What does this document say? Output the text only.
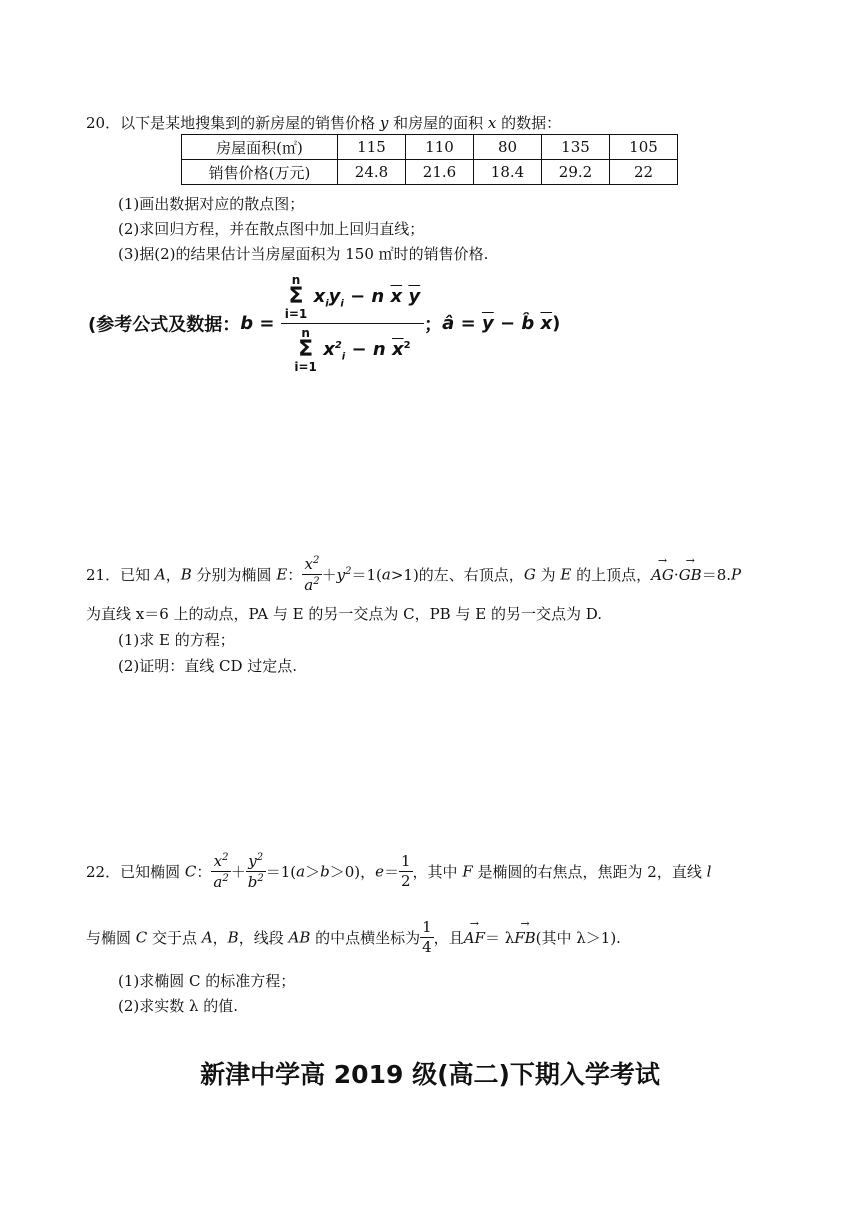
20．以下是某地搜集到的新房屋的销售价格 y 和房屋的面积 x 的数据：
房屋面积(㎡)	115	110	80	135	105
销售价格(万元)	24.8	21.6	18.4	29.2	22
(1)画出数据对应的散点图；
(2)求回归方程，并在散点图中加上回归直线；
(3)据(2)的结果估计当房屋面积为 150 ㎡时的销售价格.
(参考公式及数据：b = n
Σ
i=1 $x_iy_i - n$ $\overline{x}$ $\overline{y}$
n
Σ
i=1 $x^2_i - n$ $\overline{x}^2$ ；â = $\overline{y}$ − b̂ $\overline{x}$)
21．已知 A，B 分别为椭圆 E： $\frac{x^2}{a^2} +y^2=1(a>1)$的左、右顶点，G 为 E 的上顶点，→ AG·→ GB＝8.P
为直线 x＝6 上的动点，PA 与 E 的另一交点为 C，PB 与 E 的另一交点为 D.
(1)求 E 的方程；
(2)证明：直线 CD 过定点.
22．已知椭圆 C： $\frac{x^2}{a^2} + \frac{y^2}{b^2} =1(a>b>0)$，$e= \frac{1}{2}$ ，其中 F 是椭圆的右焦点，焦距为 2，直线 l
与椭圆 C 交于点 A，B，线段 AB 的中点横坐标为 $\frac{1}{4}$ ，且→ AF＝ λ→ FB(其中 λ＞1).
(1)求椭圆 C 的标准方程；
(2)求实数 λ 的值.
新津中学高 2019 级(高二)下期入学考试
